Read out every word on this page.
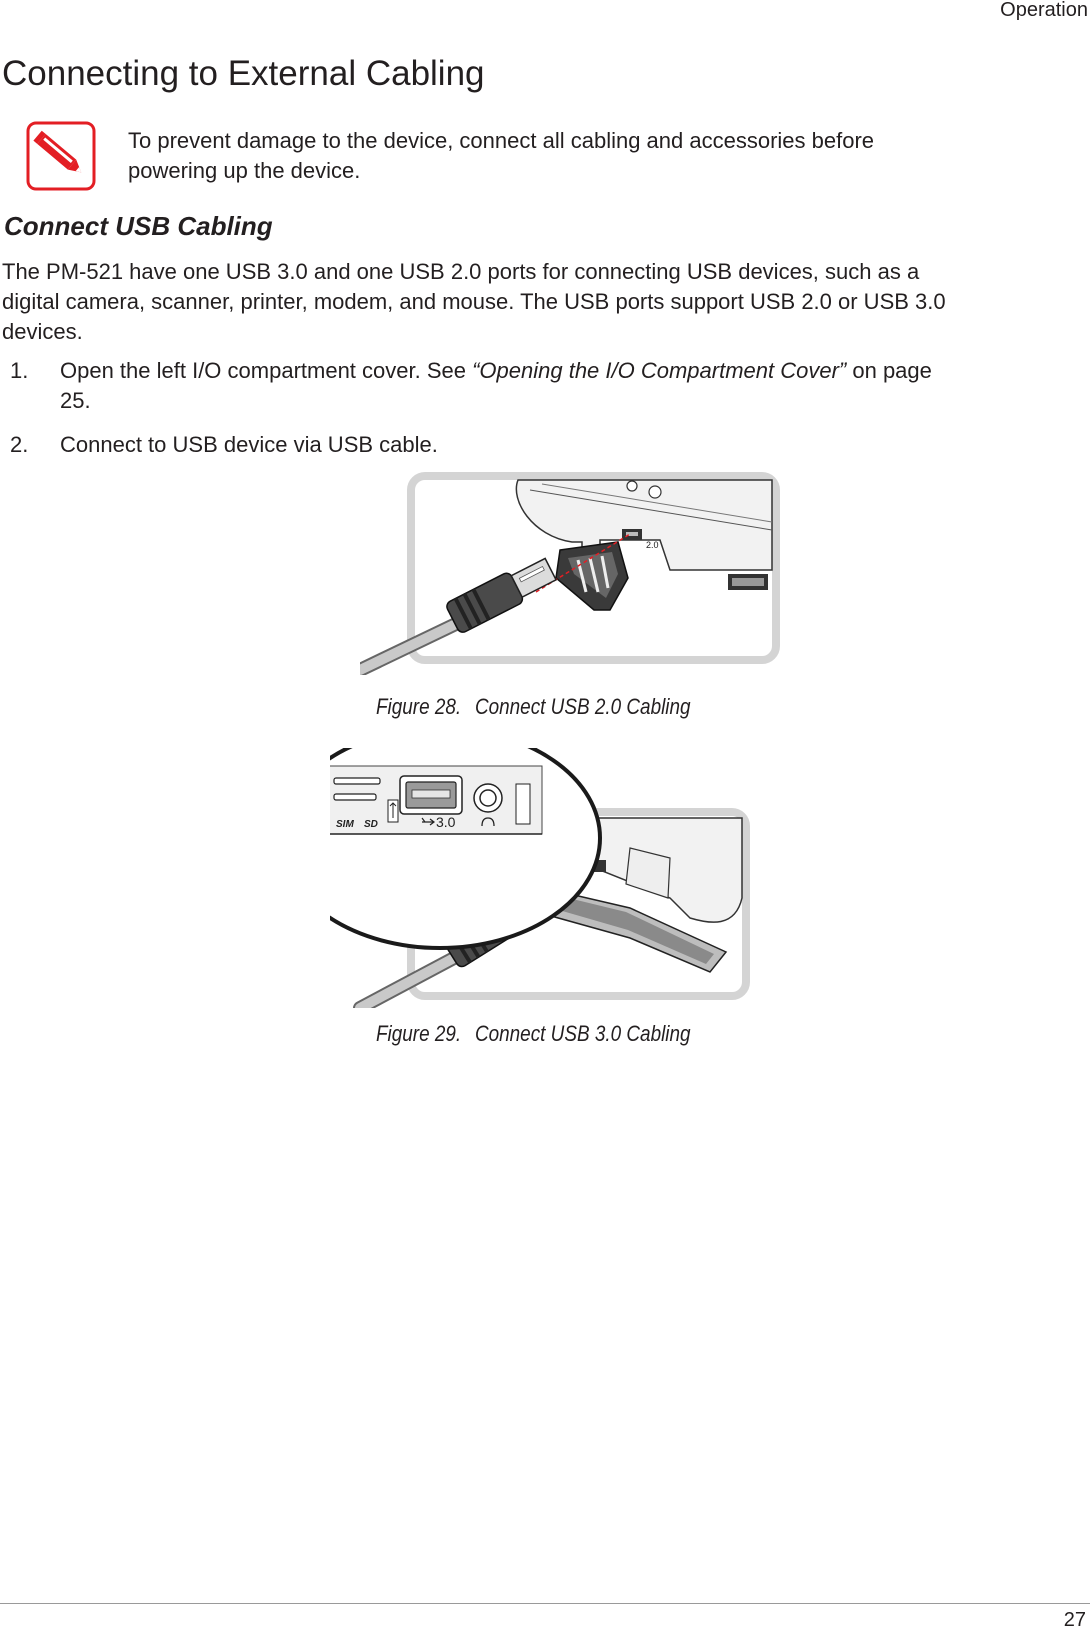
Operation
Connecting to External Cabling
To prevent damage to the device, connect all cabling and accessories before
powering up the device.
Connect USB Cabling
The PM-521 have one USB 3.0 and one USB 2.0 ports for connecting USB devices, such as a
digital camera, scanner, printer, modem, and mouse. The USB ports support USB 2.0 or USB 3.0
devices.
1.	Open the left I/O compartment cover. See “Opening the I/O Compartment Cover” on page
25.
2.	Connect to USB device via USB cable.
2.0
Figure 28. Connect USB 2.0 Cabling
SIM SD	3.0
Figure 29. Connect USB 3.0 Cabling
27
